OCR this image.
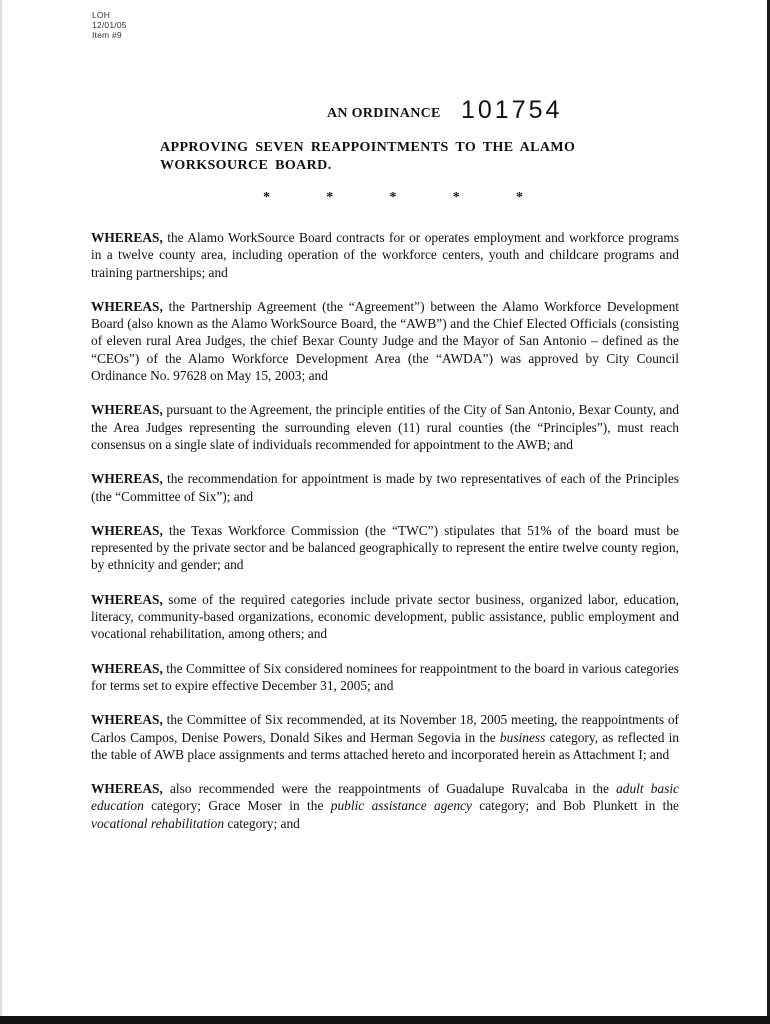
LOH
12/01/05
Item #9
AN ORDINANCE 101754
APPROVING SEVEN REAPPOINTMENTS TO THE ALAMO WORKSOURCE BOARD.
*	*	*	*	*

WHEREAS, the Alamo WorkSource Board contracts for or operates employment and workforce programs in a twelve county area, including operation of the workforce centers, youth and childcare programs and training partnerships; and

WHEREAS, the Partnership Agreement (the “Agreement”) between the Alamo Workforce Development Board (also known as the Alamo WorkSource Board, the “AWB”) and the Chief Elected Officials (consisting of eleven rural Area Judges, the chief Bexar County Judge and the Mayor of San Antonio – defined as the “CEOs”) of the Alamo Workforce Development Area (the “AWDA”) was approved by City Council Ordinance No. 97628 on May 15, 2003; and

WHEREAS, pursuant to the Agreement, the principle entities of the City of San Antonio, Bexar County, and the Area Judges representing the surrounding eleven (11) rural counties (the “Principles”), must reach consensus on a single slate of individuals recommended for appointment to the AWB; and

WHEREAS, the recommendation for appointment is made by two representatives of each of the Principles (the “Committee of Six”); and

WHEREAS, the Texas Workforce Commission (the “TWC”) stipulates that 51% of the board must be represented by the private sector and be balanced geographically to represent the entire twelve county region, by ethnicity and gender; and

WHEREAS, some of the required categories include private sector business, organized labor, education, literacy, community-based organizations, economic development, public assistance, public employment and vocational rehabilitation, among others; and

WHEREAS, the Committee of Six considered nominees for reappointment to the board in various categories for terms set to expire effective December 31, 2005; and

WHEREAS, the Committee of Six recommended, at its November 18, 2005 meeting, the reappointments of Carlos Campos, Denise Powers, Donald Sikes and Herman Segovia in the business category, as reflected in the table of AWB place assignments and terms attached hereto and incorporated herein as Attachment I; and

WHEREAS, also recommended were the reappointments of Guadalupe Ruvalcaba in the adult basic education category; Grace Moser in the public assistance agency category; and Bob Plunkett in the vocational rehabilitation category; and
